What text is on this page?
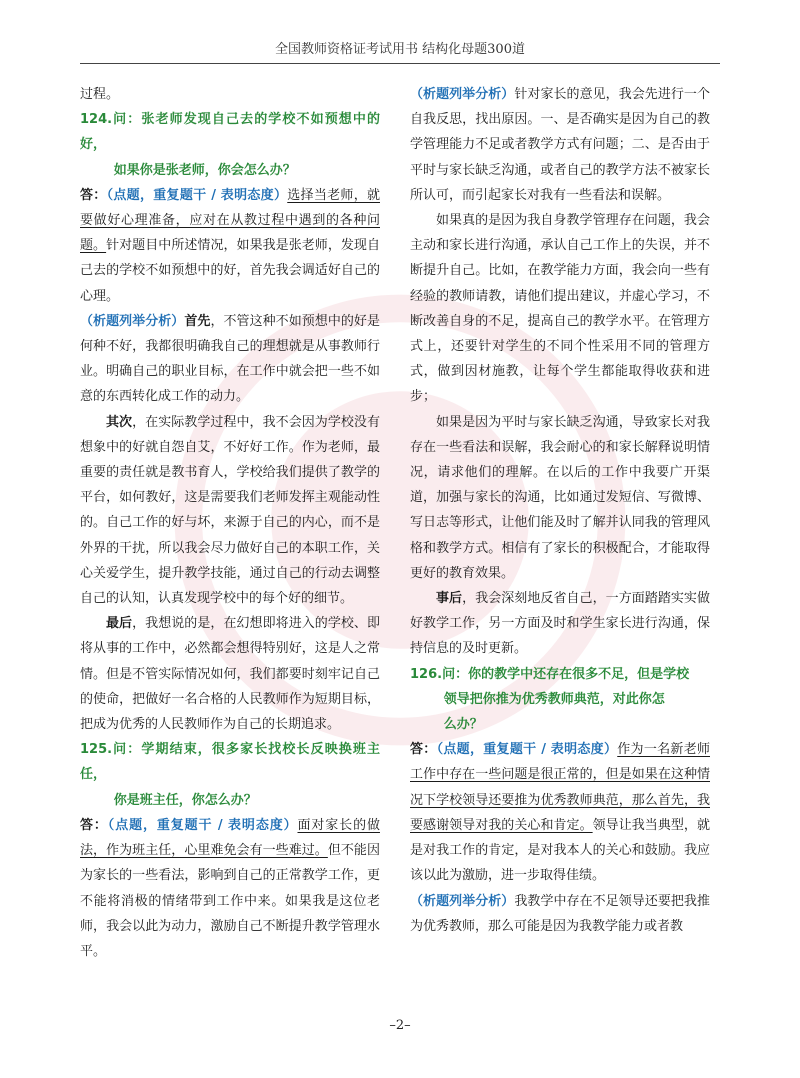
全国教师资格证考试用书 结构化母题300道

过程。

124.问：张老师发现自己去的学校不如预想中的好，
如果你是张老师，你会怎么办？

答：（点题，重复题干 / 表明态度）选择当老师，就要做好心理准备，应对在从教过程中遇到的各种问题。针对题目中所述情况，如果我是张老师，发现自己去的学校不如预想中的好，首先我会调适好自己的心理。

（析题列举分析）首先，不管这种不如预想中的好是何种不好，我都很明确我自己的理想就是从事教师行业。明确自己的职业目标，在工作中就会把一些不如意的东西转化成工作的动力。

其次，在实际教学过程中，我不会因为学校没有想象中的好就自怨自艾，不好好工作。作为老师，最重要的责任就是教书育人，学校给我们提供了教学的平台，如何教好，这是需要我们老师发挥主观能动性的。自己工作的好与坏，来源于自己的内心，而不是外界的干扰，所以我会尽力做好自己的本职工作，关心关爱学生，提升教学技能，通过自己的行动去调整自己的认知，认真发现学校中的每个好的细节。

最后，我想说的是，在幻想即将进入的学校、即将从事的工作中，必然都会想得特别好，这是人之常情。但是不管实际情况如何，我们都要时刻牢记自己的使命，把做好一名合格的人民教师作为短期目标，把成为优秀的人民教师作为自己的长期追求。

125.问：学期结束，很多家长找校长反映换班主任，
你是班主任，你怎么办？

答：（点题，重复题干 / 表明态度）面对家长的做法，作为班主任，心里难免会有一些难过。但不能因为家长的一些看法，影响到自己的正常教学工作，更不能将消极的情绪带到工作中来。如果我是这位老师，我会以此为动力，激励自己不断提升教学管理水平。

（析题列举分析）针对家长的意见，我会先进行一个自我反思，找出原因。一、是否确实是因为自己的教学管理能力不足或者教学方式有问题；二、是否由于平时与家长缺乏沟通，或者自己的教学方法不被家长所认可，而引起家长对我有一些看法和误解。

如果真的是因为我自身教学管理存在问题，我会主动和家长进行沟通，承认自己工作上的失误，并不断提升自己。比如，在教学能力方面，我会向一些有经验的教师请教，请他们提出建议，并虚心学习，不断改善自身的不足，提高自己的教学水平。在管理方式上，还要针对学生的不同个性采用不同的管理方式，做到因材施教，让每个学生都能取得收获和进步；

如果是因为平时与家长缺乏沟通，导致家长对我存在一些看法和误解，我会耐心的和家长解释说明情况，请求他们的理解。在以后的工作中我要广开渠道，加强与家长的沟通，比如通过发短信、写微博、写日志等形式，让他们能及时了解并认同我的管理风格和教学方式。相信有了家长的积极配合，才能取得更好的教育效果。

事后，我会深刻地反省自己，一方面踏踏实实做好教学工作，另一方面及时和学生家长进行沟通，保持信息的及时更新。

126.问：你的教学中还存在很多不足，但是学校
领导把你推为优秀教师典范，对此你怎
么办？

答：（点题，重复题干 / 表明态度）作为一名新老师工作中存在一些问题是很正常的，但是如果在这种情况下学校领导还要推为优秀教师典范，那么首先，我要感谢领导对我的关心和肯定。领导让我当典型，就是对我工作的肯定，是对我本人的关心和鼓励。我应该以此为激励，进一步取得佳绩。

（析题列举分析）我教学中存在不足领导还要把我推为优秀教师，那么可能是因为我教学能力或者教

–2–
